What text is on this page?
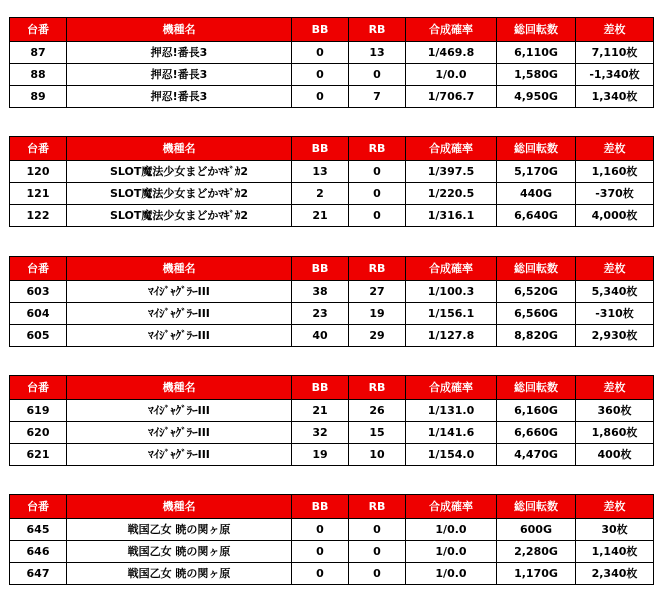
台番	機種名	BB	RB	合成確率	総回転数	差枚
87	押忍!番長3	0	13	1/469.8	6,110G	7,110枚
88	押忍!番長3	0	0	1/0.0	1,580G	-1,340枚
89	押忍!番長3	0	7	1/706.7	4,950G	1,340枚
台番	機種名	BB	RB	合成確率	総回転数	差枚
120	SLOT魔法少女まどかﾏｷﾞｶ2	13	0	1/397.5	5,170G	1,160枚
121	SLOT魔法少女まどかﾏｷﾞｶ2	2	0	1/220.5	440G	-370枚
122	SLOT魔法少女まどかﾏｷﾞｶ2	21	0	1/316.1	6,640G	4,000枚
台番	機種名	BB	RB	合成確率	総回転数	差枚
603	ﾏｲｼﾞｬｸﾞﾗｰIII	38	27	1/100.3	6,520G	5,340枚
604	ﾏｲｼﾞｬｸﾞﾗｰIII	23	19	1/156.1	6,560G	-310枚
605	ﾏｲｼﾞｬｸﾞﾗｰIII	40	29	1/127.8	8,820G	2,930枚
台番	機種名	BB	RB	合成確率	総回転数	差枚
619	ﾏｲｼﾞｬｸﾞﾗｰIII	21	26	1/131.0	6,160G	360枚
620	ﾏｲｼﾞｬｸﾞﾗｰIII	32	15	1/141.6	6,660G	1,860枚
621	ﾏｲｼﾞｬｸﾞﾗｰIII	19	10	1/154.0	4,470G	400枚
台番	機種名	BB	RB	合成確率	総回転数	差枚
645	戦国乙女 暁の関ヶ原	0	0	1/0.0	600G	30枚
646	戦国乙女 暁の関ヶ原	0	0	1/0.0	2,280G	1,140枚
647	戦国乙女 暁の関ヶ原	0	0	1/0.0	1,170G	2,340枚
